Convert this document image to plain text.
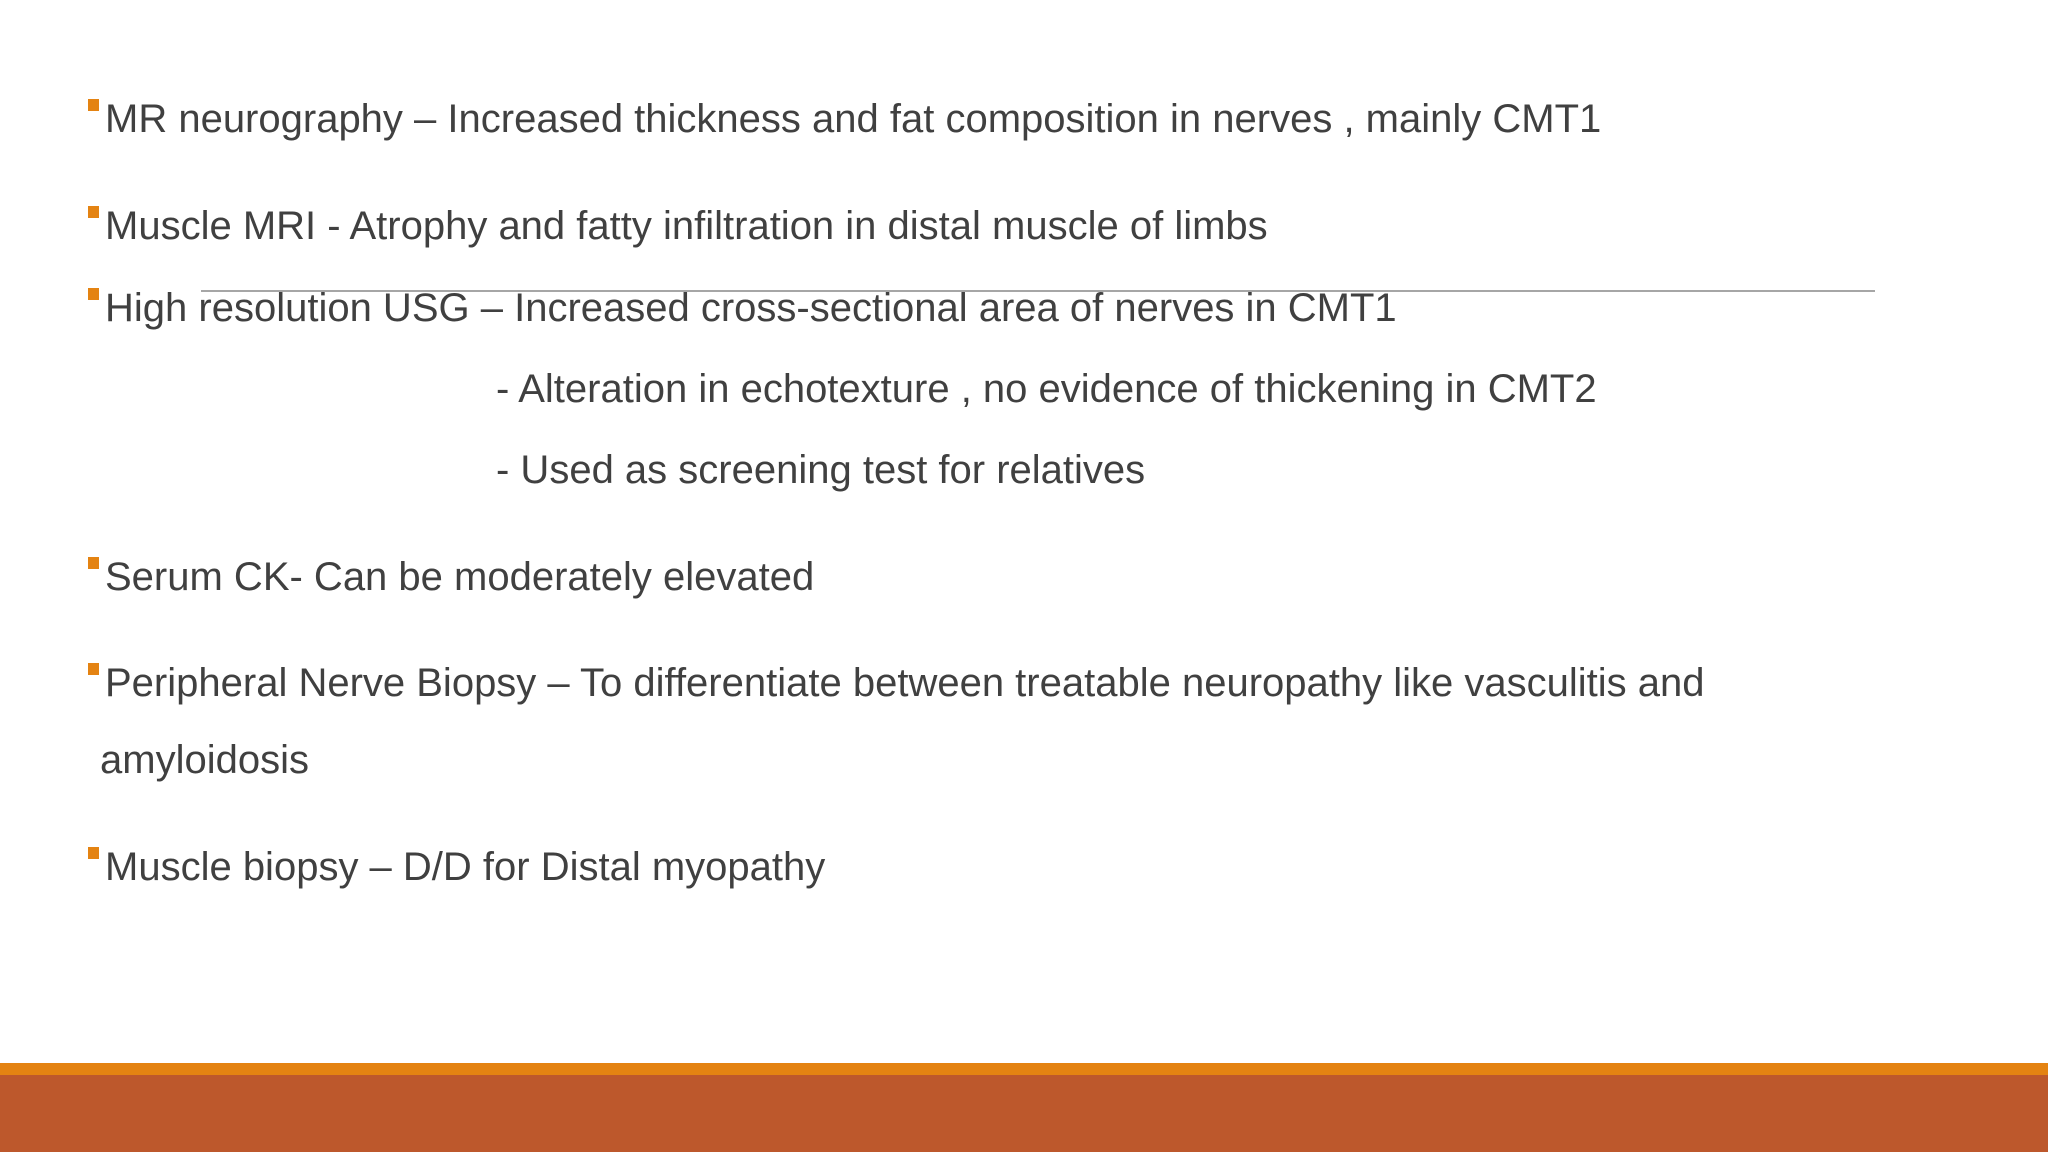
MR neurography – Increased thickness and fat composition in nerves , mainly CMT1
Muscle MRI - Atrophy and fatty infiltration in distal muscle of limbs
High resolution USG – Increased cross-sectional area of nerves in CMT1
- Alteration in echotexture , no evidence of thickening in CMT2
- Used as screening test for relatives
Serum CK- Can be moderately elevated
Peripheral Nerve Biopsy – To differentiate between treatable neuropathy like vasculitis and
amyloidosis
Muscle biopsy – D/D for Distal myopathy
